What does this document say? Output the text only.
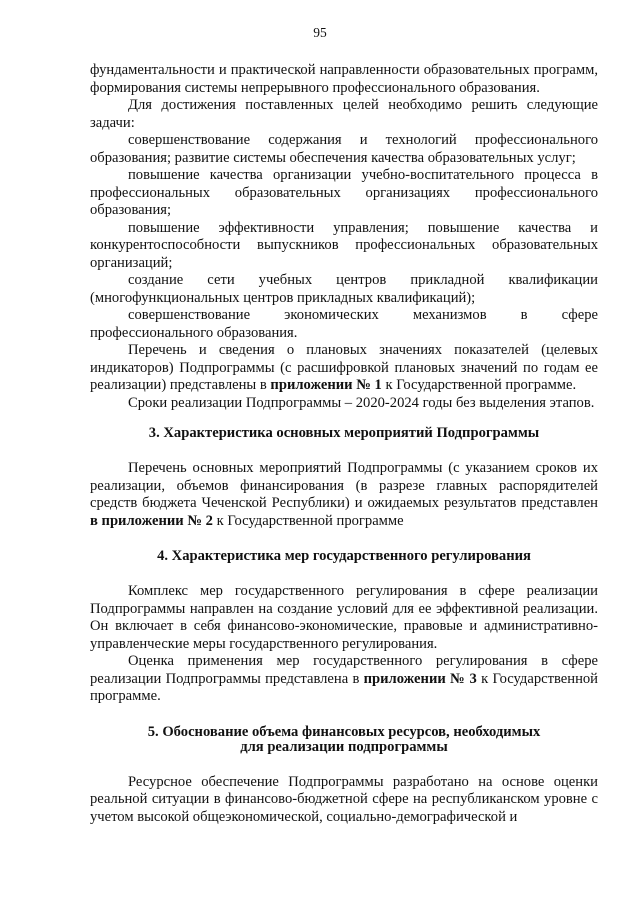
95

фундаментальности и практической направленности образовательных программ, формирования системы непрерывного профессионального образования.

Для достижения поставленных целей необходимо решить следующие задачи:

совершенствование содержания и технологий профессионального образования; развитие системы обеспечения качества образовательных услуг;

повышение качества организации учебно-воспитательного процесса в профессиональных образовательных организациях профессионального образования;

повышение эффективности управления; повышение качества и конкурентоспособности выпускников профессиональных образовательных организаций;

создание сети учебных центров прикладной квалификации (многофункциональных центров прикладных квалификаций);

совершенствование экономических механизмов в сфере профессионального образования.

Перечень и сведения о плановых значениях показателей (целевых индикаторов) Подпрограммы (с расшифровкой плановых значений по годам ее реализации) представлены в приложении № 1 к Государственной программе.

Сроки реализации Подпрограммы – 2020-2024 годы без выделения этапов.

3. Характеристика основных мероприятий Подпрограммы

Перечень основных мероприятий Подпрограммы (с указанием сроков их реализации, объемов финансирования (в разрезе главных распорядителей средств бюджета Чеченской Республики) и ожидаемых результатов представлен в приложении № 2 к Государственной программе

4. Характеристика мер государственного регулирования

Комплекс мер государственного регулирования в сфере реализации Подпрограммы направлен на создание условий для ее эффективной реализации. Он включает в себя финансово-экономические, правовые и административно-управленческие меры государственного регулирования.

Оценка применения мер государственного регулирования в сфере реализации Подпрограммы представлена в приложении № 3 к Государственной программе.

5. Обоснование объема финансовых ресурсов, необходимых
для реализации подпрограммы

Ресурсное обеспечение Подпрограммы разработано на основе оценки реальной ситуации в финансово-бюджетной сфере на республиканском уровне с учетом высокой общеэкономической, социально-демографической и
